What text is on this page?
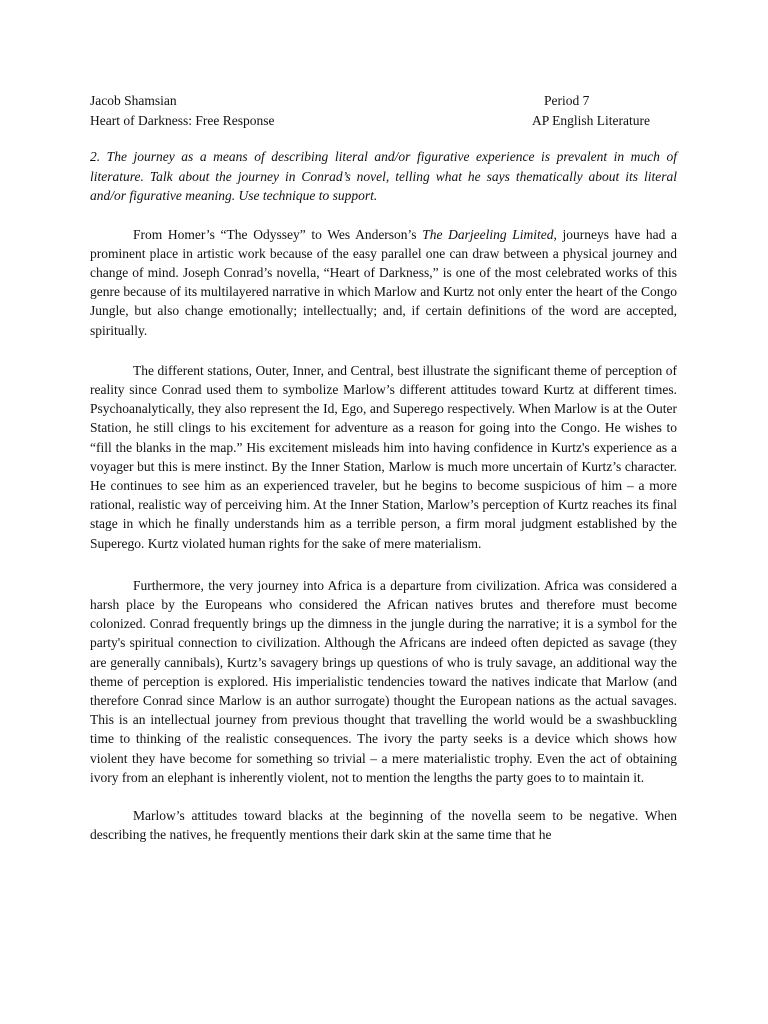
Jacob Shamsian	Period 7
Heart of Darkness: Free Response	AP English Literature
2. The journey as a means of describing literal and/or figurative experience is prevalent in much of literature. Talk about the journey in Conrad’s novel, telling what he says thematically about its literal and/or figurative meaning. Use technique to support.

From Homer’s “The Odyssey” to Wes Anderson’s The Darjeeling Limited, journeys have had a prominent place in artistic work because of the easy parallel one can draw between a physical journey and change of mind. Joseph Conrad’s novella, “Heart of Darkness,” is one of the most celebrated works of this genre because of its multilayered narrative in which Marlow and Kurtz not only enter the heart of the Congo Jungle, but also change emotionally; intellectually; and, if certain definitions of the word are accepted, spiritually.

The different stations, Outer, Inner, and Central, best illustrate the significant theme of perception of reality since Conrad used them to symbolize Marlow’s different attitudes toward Kurtz at different times. Psychoanalytically, they also represent the Id, Ego, and Superego respectively. When Marlow is at the Outer Station, he still clings to his excitement for adventure as a reason for going into the Congo. He wishes to “fill the blanks in the map.” His excitement misleads him into having confidence in Kurtz's experience as a voyager but this is mere instinct. By the Inner Station, Marlow is much more uncertain of Kurtz’s character. He continues to see him as an experienced traveler, but he begins to become suspicious of him – a more rational, realistic way of perceiving him. At the Inner Station, Marlow’s perception of Kurtz reaches its final stage in which he finally understands him as a terrible person, a firm moral judgment established by the Superego. Kurtz violated human rights for the sake of mere materialism.

Furthermore, the very journey into Africa is a departure from civilization. Africa was considered a harsh place by the Europeans who considered the African natives brutes and therefore must become colonized. Conrad frequently brings up the dimness in the jungle during the narrative; it is a symbol for the party's spiritual connection to civilization. Although the Africans are indeed often depicted as savage (they are generally cannibals), Kurtz’s savagery brings up questions of who is truly savage, an additional way the theme of perception is explored. His imperialistic tendencies toward the natives indicate that Marlow (and therefore Conrad since Marlow is an author surrogate) thought the European nations as the actual savages. This is an intellectual journey from previous thought that travelling the world would be a swashbuckling time to thinking of the realistic consequences. The ivory the party seeks is a device which shows how violent they have become for something so trivial – a mere materialistic trophy. Even the act of obtaining ivory from an elephant is inherently violent, not to mention the lengths the party goes to to maintain it.

Marlow’s attitudes toward blacks at the beginning of the novella seem to be negative. When describing the natives, he frequently mentions their dark skin at the same time that he
